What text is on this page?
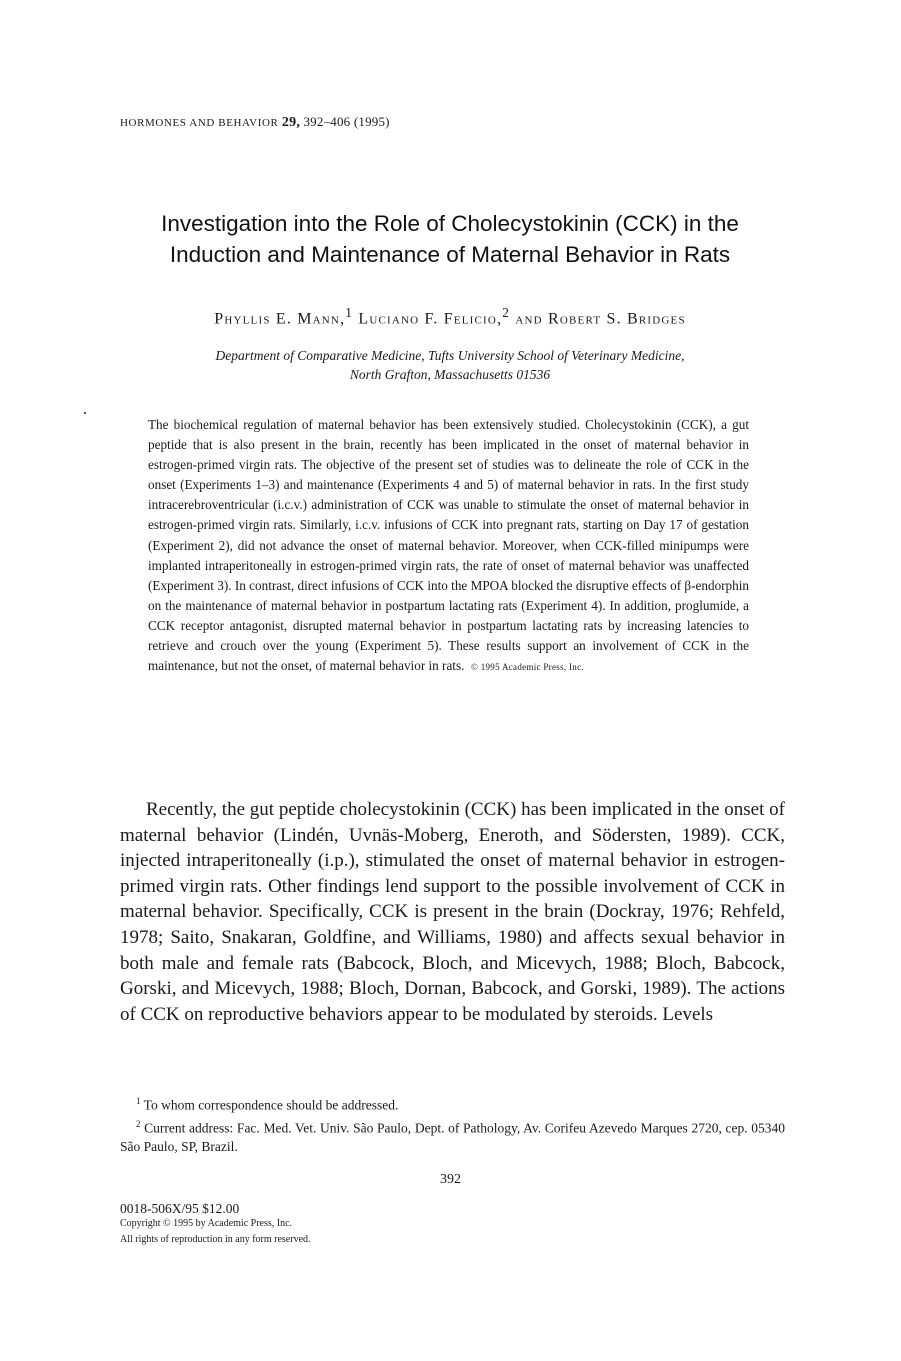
HORMONES AND BEHAVIOR 29, 392–406 (1995)
Investigation into the Role of Cholecystokinin (CCK) in the
Induction and Maintenance of Maternal Behavior in Rats
Phyllis E. Mann,$^1$ Luciano F. Felicio,$^2$ and Robert S. Bridges
Department of Comparative Medicine, Tufts University School of Veterinary Medicine,
North Grafton, Massachusetts 01536

The biochemical regulation of maternal behavior has been extensively studied. Cholecystokinin (CCK), a gut peptide that is also present in the brain, recently has been implicated in the onset of maternal behavior in estrogen-primed virgin rats. The objective of the present set of studies was to delineate the role of CCK in the onset (Experiments 1–3) and maintenance (Experiments 4 and 5) of maternal behavior in rats. In the first study intracerebroventricular (i.c.v.) administration of CCK was unable to stimulate the onset of maternal behavior in estrogen-primed virgin rats. Similarly, i.c.v. infusions of CCK into pregnant rats, starting on Day 17 of gestation (Experiment 2), did not advance the onset of maternal behavior. Moreover, when CCK-filled minipumps were implanted intraperitoneally in estrogen-primed virgin rats, the rate of onset of maternal behavior was unaffected (Experiment 3). In contrast, direct infusions of CCK into the MPOA blocked the disruptive effects of β-endorphin on the maintenance of maternal behavior in postpartum lactating rats (Experiment 4). In addition, proglumide, a CCK receptor antagonist, disrupted maternal behavior in postpartum lactating rats by increasing latencies to retrieve and crouch over the young (Experiment 5). These results support an involvement of CCK in the maintenance, but not the onset, of maternal behavior in rats. © 1995 Academic Press, Inc.

Recently, the gut peptide cholecystokinin (CCK) has been implicated in the onset of maternal behavior (Lindén, Uvnäs-Moberg, Eneroth, and Södersten, 1989). CCK, injected intraperitoneally (i.p.), stimulated the onset of maternal behavior in estrogen-primed virgin rats. Other findings lend support to the possible involvement of CCK in maternal behavior. Specifically, CCK is present in the brain (Dockray, 1976; Rehfeld, 1978; Saito, Snakaran, Goldfine, and Williams, 1980) and affects sexual behavior in both male and female rats (Babcock, Bloch, and Micevych, 1988; Bloch, Babcock, Gorski, and Micevych, 1988; Bloch, Dornan, Babcock, and Gorski, 1989). The actions of CCK on reproductive behaviors appear to be modulated by steroids. Levels

$^1$ To whom correspondence should be addressed.
$^2$ Current address: Fac. Med. Vet. Univ. São Paulo, Dept. of Pathology, Av. Corifeu Azevedo Marques 2720, cep. 05340 São Paulo, SP, Brazil.
392
0018-506X/95 $12.00
Copyright © 1995 by Academic Press, Inc.
All rights of reproduction in any form reserved.
